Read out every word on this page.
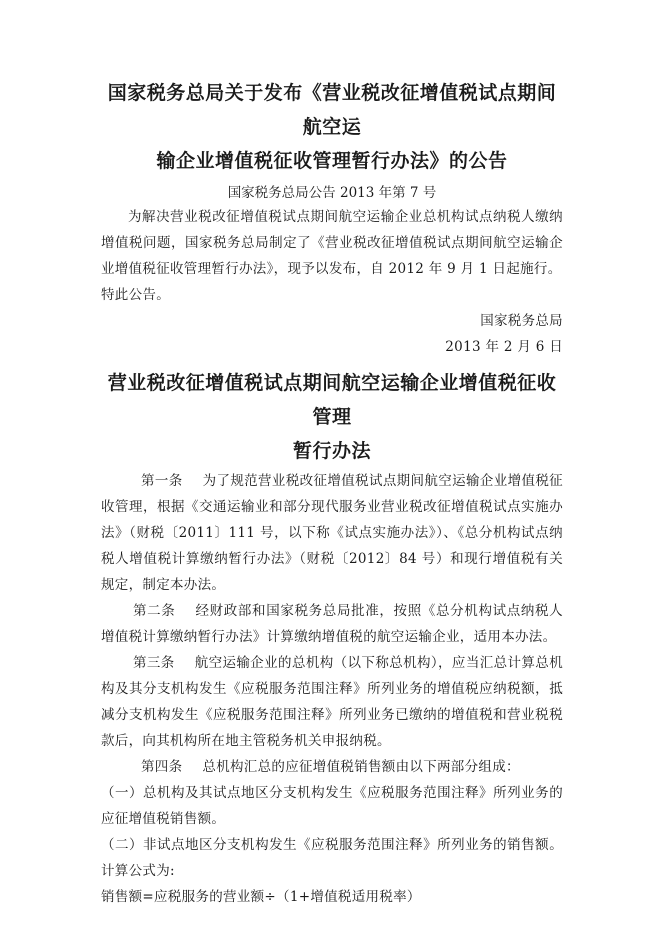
国家税务总局关于发布《营业税改征增值税试点期间航空运
输企业增值税征收管理暂行办法》的公告
国家税务总局公告 2013 年第 7 号

为解决营业税改征增值税试点期间航空运输企业总机构试点纳税人缴纳增值税问题，国家税务总局制定了《营业税改征增值税试点期间航空运输企业增值税征收管理暂行办法》，现予以发布，自 2012 年 9 月 1 日起施行。

特此公告。

国家税务总局

2013 年 2 月 6 日

营业税改征增值税试点期间航空运输企业增值税征收管理
暂行办法

第一条 为了规范营业税改征增值税试点期间航空运输企业增值税征收管理，根据《交通运输业和部分现代服务业营业税改征增值税试点实施办法》（财税〔2011〕111 号，以下称《试点实施办法》）、《总分机构试点纳税人增值税计算缴纳暂行办法》（财税〔2012〕84 号）和现行增值税有关规定，制定本办法。

第二条 经财政部和国家税务总局批准，按照《总分机构试点纳税人增值税计算缴纳暂行办法》计算缴纳增值税的航空运输企业，适用本办法。

第三条 航空运输企业的总机构（以下称总机构），应当汇总计算总机构及其分支机构发生《应税服务范围注释》所列业务的增值税应纳税额，抵减分支机构发生《应税服务范围注释》所列业务已缴纳的增值税和营业税税款后，向其机构所在地主管税务机关申报纳税。

第四条 总机构汇总的应征增值税销售额由以下两部分组成：

（一）总机构及其试点地区分支机构发生《应税服务范围注释》所列业务的应征增值税销售额。

（二）非试点地区分支机构发生《应税服务范围注释》所列业务的销售额。计算公式为:

销售额=应税服务的营业额÷（1+增值税适用税率）
